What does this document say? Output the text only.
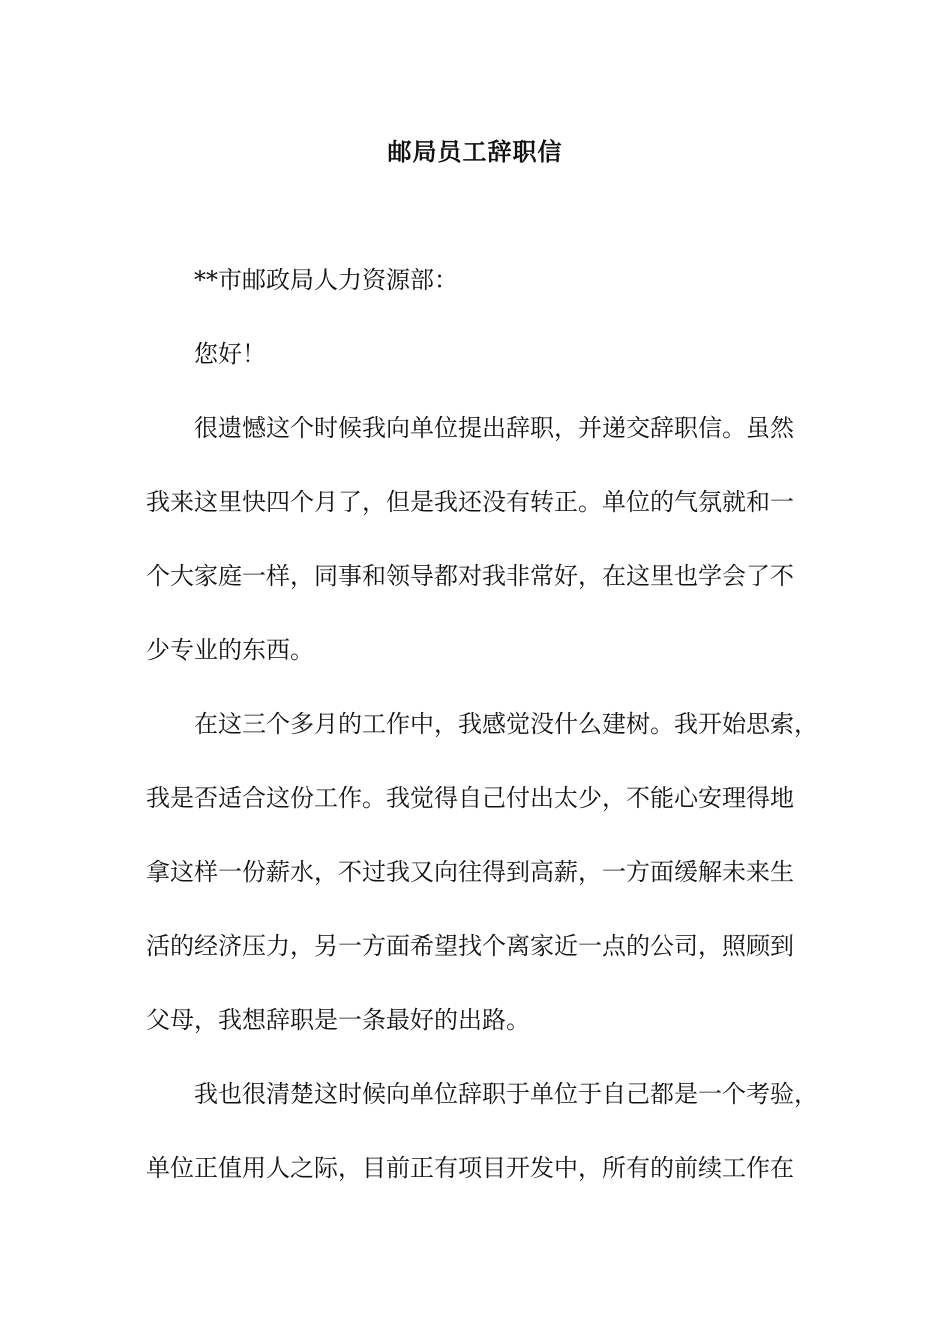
邮局员工辞职信

**市邮政局人力资源部：

您好！

很遗憾这个时候我向单位提出辞职，并递交辞职信。虽然

我来这里快四个月了，但是我还没有转正。单位的气氛就和一

个大家庭一样，同事和领导都对我非常好，在这里也学会了不

少专业的东西。

在这三个多月的工作中，我感觉没什么建树。我开始思索，

我是否适合这份工作。我觉得自己付出太少，不能心安理得地

拿这样一份薪水，不过我又向往得到高薪，一方面缓解未来生

活的经济压力，另一方面希望找个离家近一点的公司，照顾到

父母，我想辞职是一条最好的出路。

我也很清楚这时候向单位辞职于单位于自己都是一个考验，

单位正值用人之际，目前正有项目开发中，所有的前续工作在
